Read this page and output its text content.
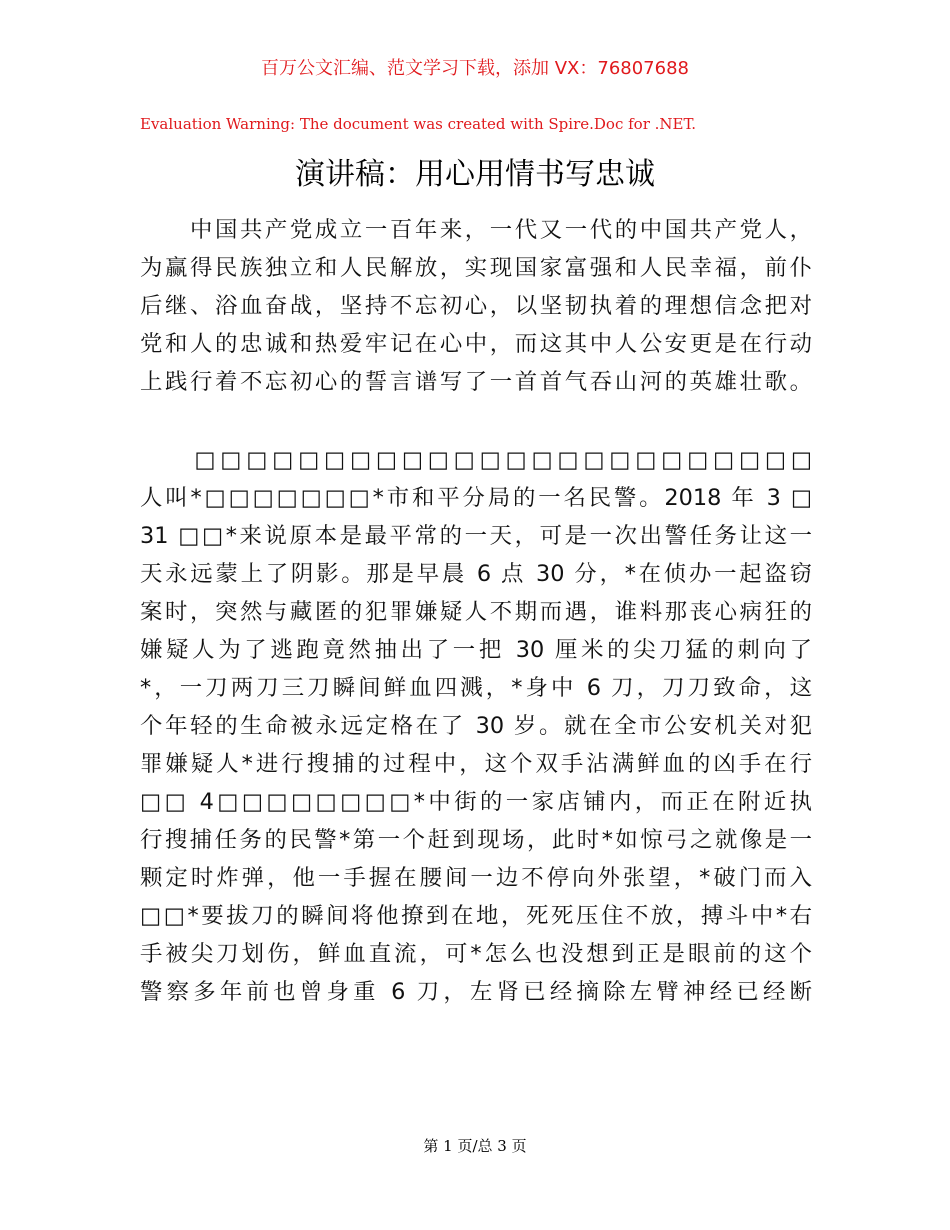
百万公文汇编、范文学习下载，添加 VX：76807688
Evaluation Warning: The document was created with Spire.Doc for .NET.
演讲稿：用心用情书写忠诚
　　中国共产党成立一百年来，一代又一代的中国共产党人，
为赢得民族独立和人民解放，实现国家富强和人民幸福，前仆
后继、浴血奋战，坚持不忘初心，以坚韧执着的理想信念把对
党和人的忠诚和热爱牢记在心中，而这其中人公安更是在行动
上践行着不忘初心的誓言谱写了一首首气吞山河的英雄壮歌。
　　□□□□□□□□□□□□□□□□□□□□□□□□
人叫*□□□□□□□*市和平分局的一名民警。2018 年 3 □
31 □□*来说原本是最平常的一天，可是一次出警任务让这一
天永远蒙上了阴影。那是早晨 6 点 30 分，*在侦办一起盗窃
案时，突然与藏匿的犯罪嫌疑人不期而遇，谁料那丧心病狂的
嫌疑人为了逃跑竟然抽出了一把 30 厘米的尖刀猛的刺向了
*，一刀两刀三刀瞬间鲜血四溅，*身中 6 刀，刀刀致命，这
个年轻的生命被永远定格在了 30 岁。就在全市公安机关对犯
罪嫌疑人*进行搜捕的过程中，这个双手沾满鲜血的凶手在行
□□ 4□□□□□□□□*中街的一家店铺内，而正在附近执
行搜捕任务的民警*第一个赶到现场，此时*如惊弓之就像是一
颗定时炸弹，他一手握在腰间一边不停向外张望，*破门而入
□□*要拔刀的瞬间将他撩到在地，死死压住不放，搏斗中*右
手被尖刀划伤，鲜血直流，可*怎么也没想到正是眼前的这个
警察多年前也曾身重 6 刀，左肾已经摘除左臂神经已经断
第 1 页/总 3 页
